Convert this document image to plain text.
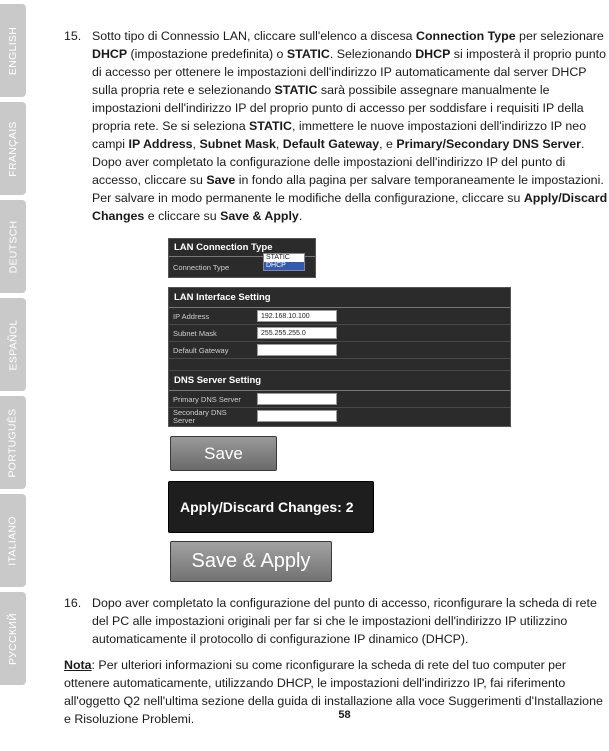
ENGLISH
FRANÇAIS
DEUTSCH
ESPAÑOL
PORTUGUÊS
ITALIANO
РУССКИЙ
15. Sotto tipo di Connessio LAN, cliccare sull'elenco a discesa Connection Type per selezionare DHCP (impostazione predefinita) o STATIC. Selezionando DHCP si imposterà il proprio punto di accesso per ottenere le impostazioni dell'indirizzo IP automaticamente dal server DHCP sulla propria rete e selezionando STATIC sarà possibile assegnare manualmente le impostazioni dell'indirizzo IP del proprio punto di accesso per soddisfare i requisiti IP della propria rete. Se si seleziona STATIC, immettere le nuove impostazioni dell'indirizzo IP neo campi IP Address, Subnet Mask, Default Gateway, e Primary/Secondary DNS Server. Dopo aver completato la configurazione delle impostazioni dell'indirizzo IP del punto di accesso, cliccare su Save in fondo alla pagina per salvare temporaneamente le impostazioni. Per salvare in modo permanente le modifiche della configurazione, cliccare su Apply/Discard Changes e cliccare su Save & Apply.

LAN Connection Type
Connection Type
STATIC
DHCP
LAN Interface Setting
IP Address
192.168.10.100
Subnet Mask
255.255.255.0
Default Gateway
DNS Server Setting
Primary DNS Server
Secondary DNS Server
Save
Apply/Discard Changes: 2
Save & Apply
16. Dopo aver completato la configurazione del punto di accesso, riconfigurare la scheda di rete del PC alle impostazioni originali per far si che le impostazioni dell'indirizzo IP utilizzino automaticamente il protocollo di configurazione IP dinamico (DHCP).

Nota: Per ulteriori informazioni su come riconfigurare la scheda di rete del tuo computer per ottenere automaticamente, utilizzando DHCP, le impostazioni dell'indirizzo IP, fai riferimento all'oggetto Q2 nell'ultima sezione della guida di installazione alla voce Suggerimenti d'Installazione e Risoluzione Problemi.	58
